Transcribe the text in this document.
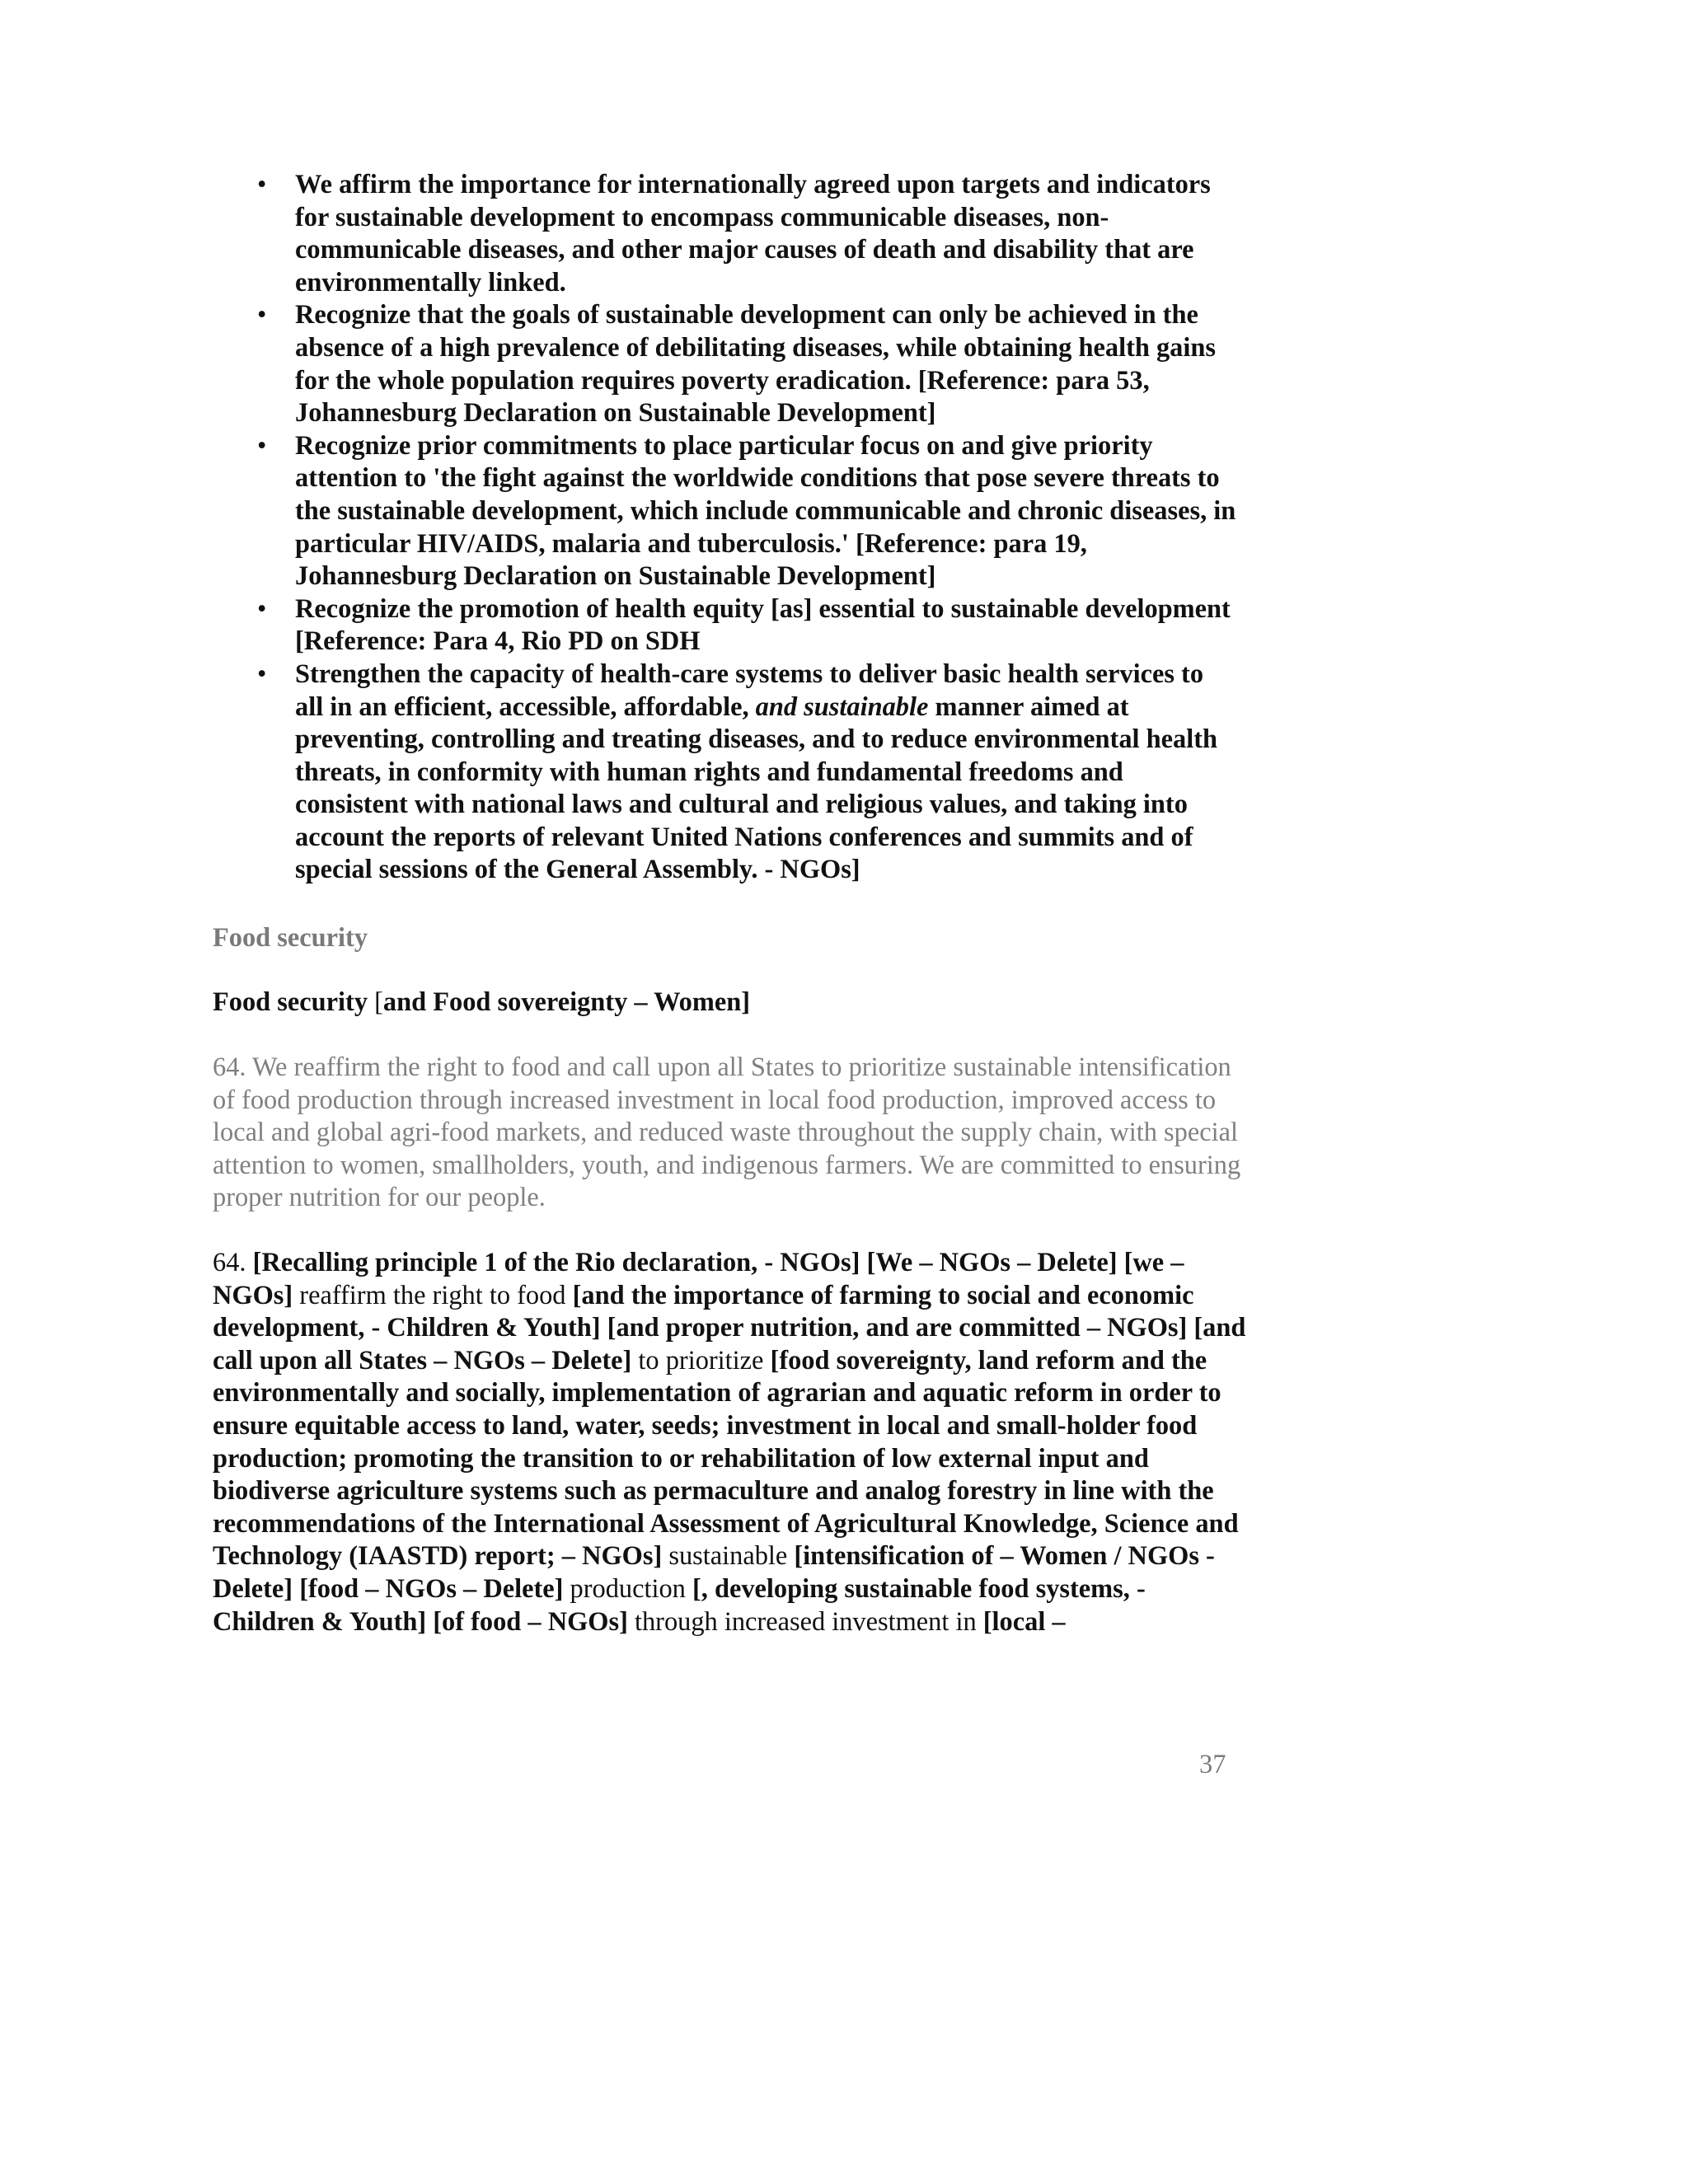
• We affirm the importance for internationally agreed upon targets and indicators for sustainable development to encompass communicable diseases, non-communicable diseases, and other major causes of death and disability that are environmentally linked.
• Recognize that the goals of sustainable development can only be achieved in the absence of a high prevalence of debilitating diseases, while obtaining health gains for the whole population requires poverty eradication. [Reference: para 53, Johannesburg Declaration on Sustainable Development]
• Recognize prior commitments to place particular focus on and give priority attention to 'the fight against the worldwide conditions that pose severe threats to the sustainable development, which include communicable and chronic diseases, in particular HIV/AIDS, malaria and tuberculosis.' [Reference: para 19, Johannesburg Declaration on Sustainable Development]
• Recognize the promotion of health equity [as] essential to sustainable development [Reference: Para 4, Rio PD on SDH
• Strengthen the capacity of health-care systems to deliver basic health services to all in an efficient, accessible, affordable, and sustainable manner aimed at preventing, controlling and treating diseases, and to reduce environmental health threats, in conformity with human rights and fundamental freedoms and consistent with national laws and cultural and religious values, and taking into account the reports of relevant United Nations conferences and summits and of special sessions of the General Assembly. - NGOs]

Food security

Food security [and Food sovereignty – Women]

64. We reaffirm the right to food and call upon all States to prioritize sustainable intensification of food production through increased investment in local food production, improved access to local and global agri-food markets, and reduced waste throughout the supply chain, with special attention to women, smallholders, youth, and indigenous farmers. We are committed to ensuring proper nutrition for our people.

64. [Recalling principle 1 of the Rio declaration, - NGOs] [We – NGOs – Delete] [we – NGOs] reaffirm the right to food [and the importance of farming to social and economic development, - Children & Youth] [and proper nutrition, and are committed – NGOs] [and call upon all States – NGOs – Delete] to prioritize [food sovereignty, land reform and the environmentally and socially, implementation of agrarian and aquatic reform in order to ensure equitable access to land, water, seeds; investment in local and small-holder food production; promoting the transition to or rehabilitation of low external input and biodiverse agriculture systems such as permaculture and analog forestry in line with the recommendations of the International Assessment of Agricultural Knowledge, Science and Technology (IAASTD) report; – NGOs] sustainable [intensification of – Women / NGOs - Delete] [food – NGOs – Delete] production [, developing sustainable food systems, - Children & Youth] [of food – NGOs] through increased investment in [local –

37
